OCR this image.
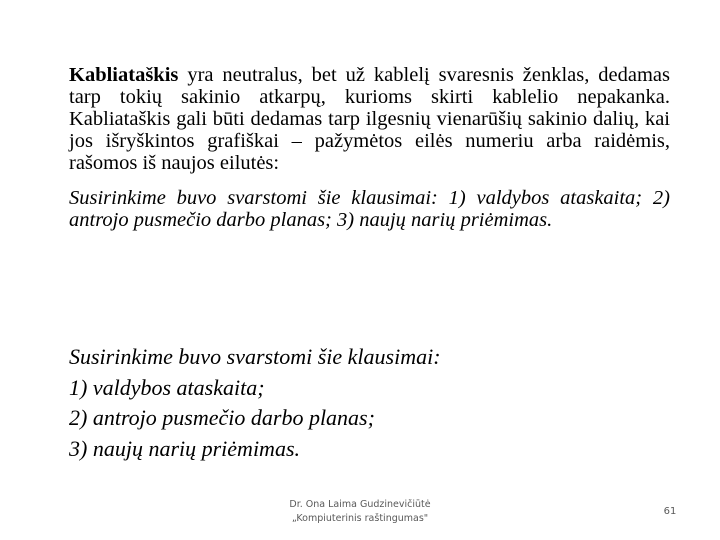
Kabliataškis yra neutralus, bet už kablelį svaresnis ženklas, dedamas tarp tokių sakinio atkarpų, kurioms skirti kablelio nepakanka. Kabliataškis gali būti dedamas tarp ilgesnių vienarūšių sakinio dalių, kai jos išryškintos grafiškai – pažymėtos eilės numeriu arba raidėmis, rašomos iš naujos eilutės:

Susirinkime buvo svarstomi šie klausimai: 1) valdybos ataskaita; 2) antrojo pusmečio darbo planas; 3) naujų narių priėmimas.

Susirinkime buvo svarstomi šie klausimai:
1) valdybos ataskaita;
2) antrojo pusmečio darbo planas;
3) naujų narių priėmimas.
Dr. Ona Laima Gudzinevičiūtė
„Kompiuterinis raštingumas"
61
